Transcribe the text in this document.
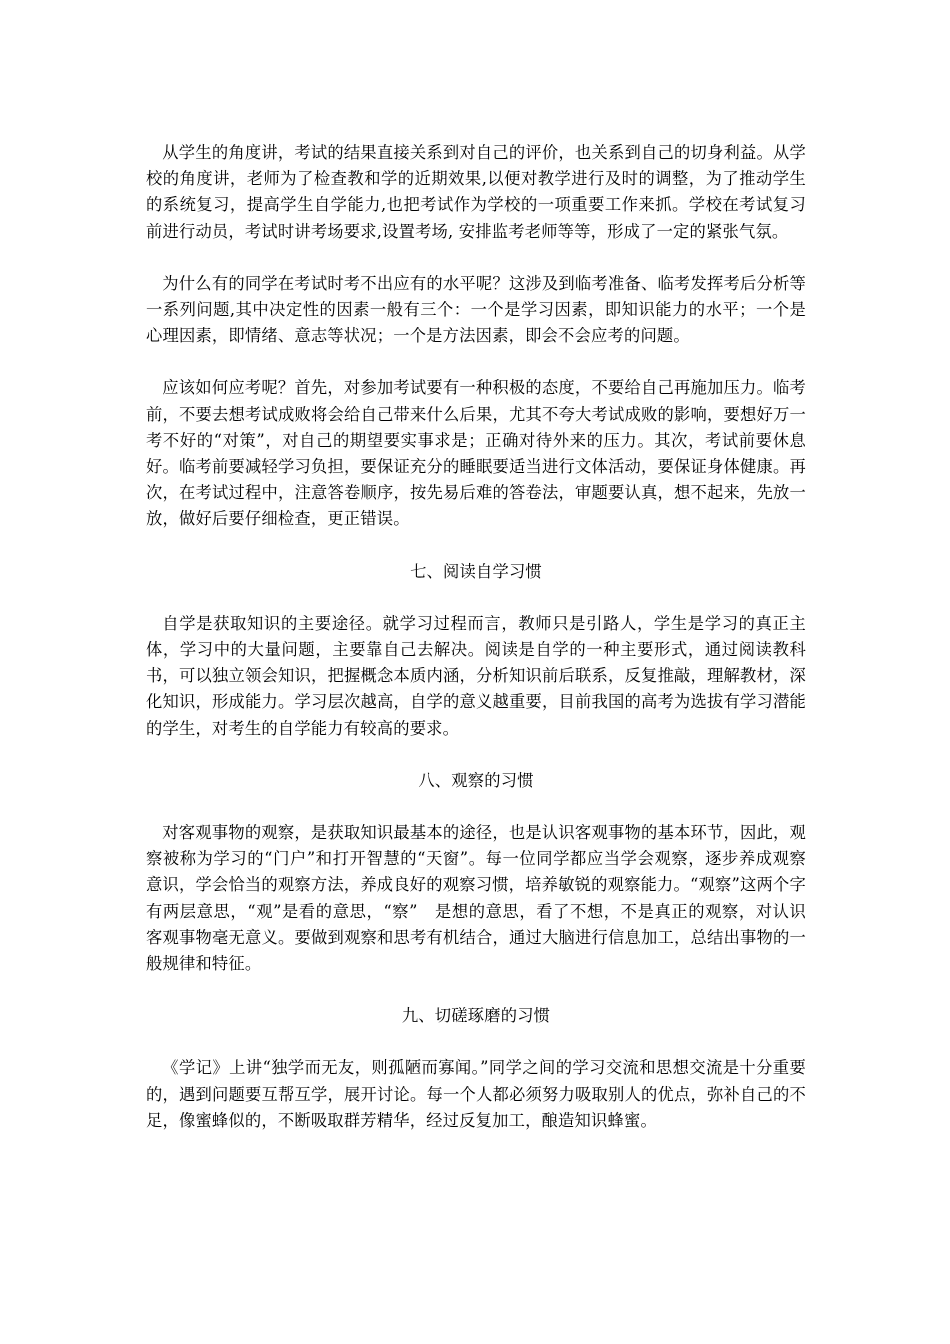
从学生的角度讲，考试的结果直接关系到对自己的评价，也关系到自己的切身利益。从学校的角度讲，老师为了检查教和学的近期效果,以便对教学进行及时的调整，为了推动学生的系统复习，提高学生自学能力,也把考试作为学校的一项重要工作来抓。学校在考试复习前进行动员，考试时讲考场要求,设置考场, 安排监考老师等等，形成了一定的紧张气氛。

为什么有的同学在考试时考不出应有的水平呢？这涉及到临考准备、临考发挥考后分析等一系列问题,其中决定性的因素一般有三个：一个是学习因素，即知识能力的水平；一个是心理因素，即情绪、意志等状况；一个是方法因素，即会不会应考的问题。

应该如何应考呢？首先，对参加考试要有一种积极的态度，不要给自己再施加压力。临考前，不要去想考试成败将会给自己带来什么后果，尤其不夸大考试成败的影响，要想好万一考不好的“对策”，对自己的期望要实事求是；正确对待外来的压力。其次，考试前要休息好。临考前要减轻学习负担，要保证充分的睡眠要适当进行文体活动，要保证身体健康。再次，在考试过程中，注意答卷顺序，按先易后难的答卷法，审题要认真，想不起来，先放一放，做好后要仔细检查，更正错误。

七、阅读自学习惯

自学是获取知识的主要途径。就学习过程而言，教师只是引路人，学生是学习的真正主体，学习中的大量问题，主要靠自己去解决。阅读是自学的一种主要形式，通过阅读教科书，可以独立领会知识，把握概念本质内涵，分析知识前后联系，反复推敲，理解教材，深化知识，形成能力。学习层次越高，自学的意义越重要，目前我国的高考为选拔有学习潜能的学生，对考生的自学能力有较高的要求。

八、观察的习惯

对客观事物的观察，是获取知识最基本的途径，也是认识客观事物的基本环节，因此，观察被称为学习的“门户”和打开智慧的“天窗”。每一位同学都应当学会观察，逐步养成观察意识，学会恰当的观察方法，养成良好的观察习惯，培养敏锐的观察能力。“观察”这两个字有两层意思，“观”是看的意思，“察”　是想的意思，看了不想，不是真正的观察，对认识客观事物毫无意义。要做到观察和思考有机结合，通过大脑进行信息加工，总结出事物的一般规律和特征。

九、切磋琢磨的习惯

《学记》上讲“独学而无友，则孤陋而寡闻。”同学之间的学习交流和思想交流是十分重要的，遇到问题要互帮互学，展开讨论。每一个人都必须努力吸取别人的优点，弥补自己的不足，像蜜蜂似的，不断吸取群芳精华，经过反复加工，酿造知识蜂蜜。
